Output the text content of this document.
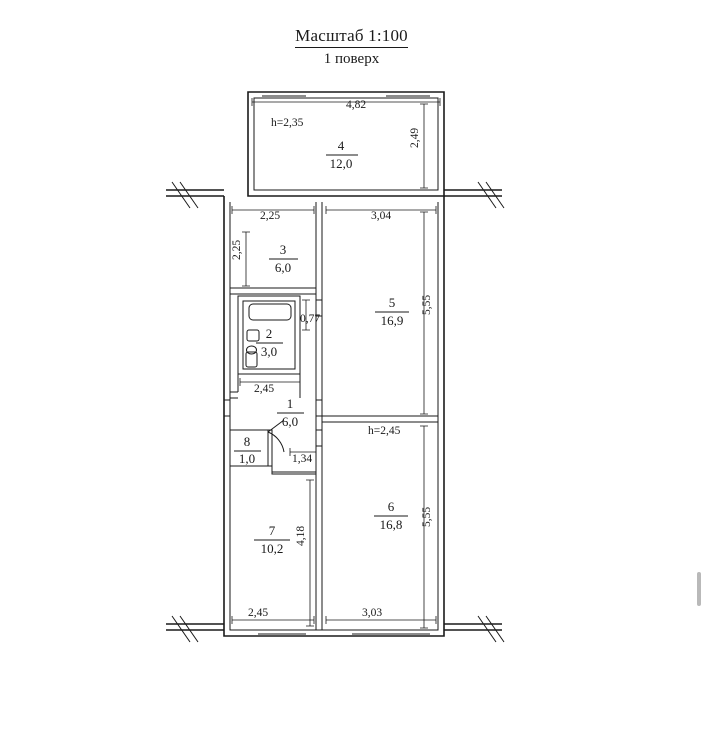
Масштаб 1:100
1 поверх
4,82
2,49
2,25	3,04
2,25
5,55
5,55
0,77
2,45
1,34
4,18
2,45	3,03
h=2,35
h=2,45
4
12,0
3
6,0
5
16,9
2
3,0
1
6,0
8
1,0
6
16,8
7
10,2
